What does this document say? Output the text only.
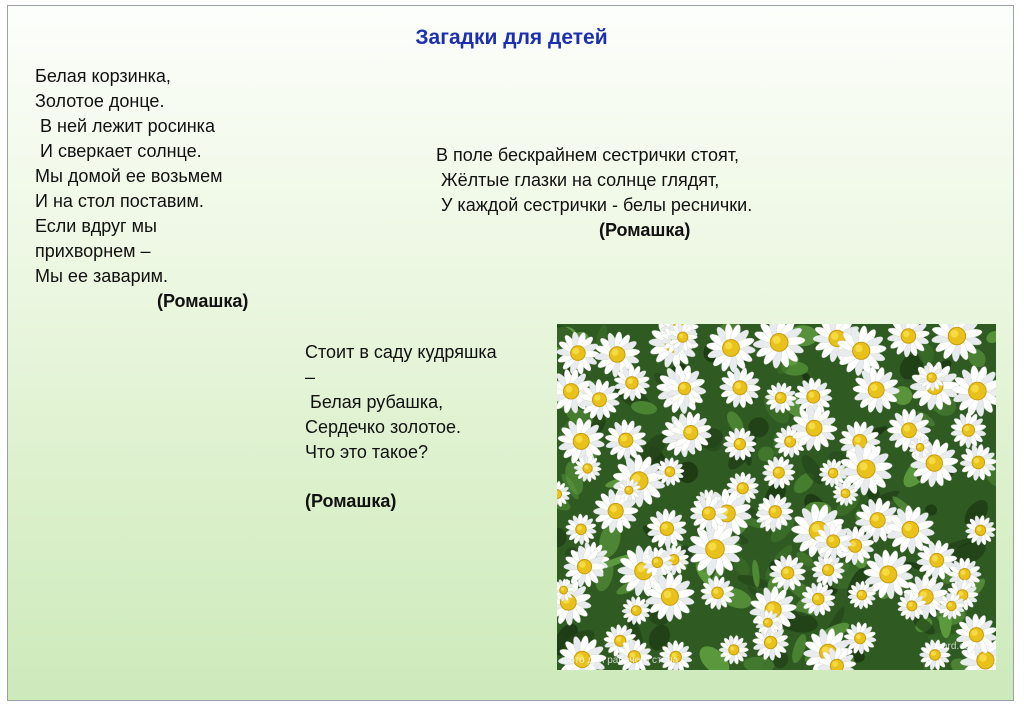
Загадки для детей
Белая корзинка,
Золотое донце.
В ней лежит росинка
И сверкает солнце.
Мы домой ее возьмем
И на стол поставим.
Если вдруг мы
прихворнем –
Мы ее заварим.
(Ромашка)
В поле бескрайнем сестрички стоят,
Жёлтые глазки на солнце глядят,
У каждой сестрички - белы реснички.
(Ромашка)
Стоит в саду кудряшка
–
Белая рубашка,
Сердечко золотое.
Что это такое?
(Ромашка)
board.com.ua
фото для рабочего стола
